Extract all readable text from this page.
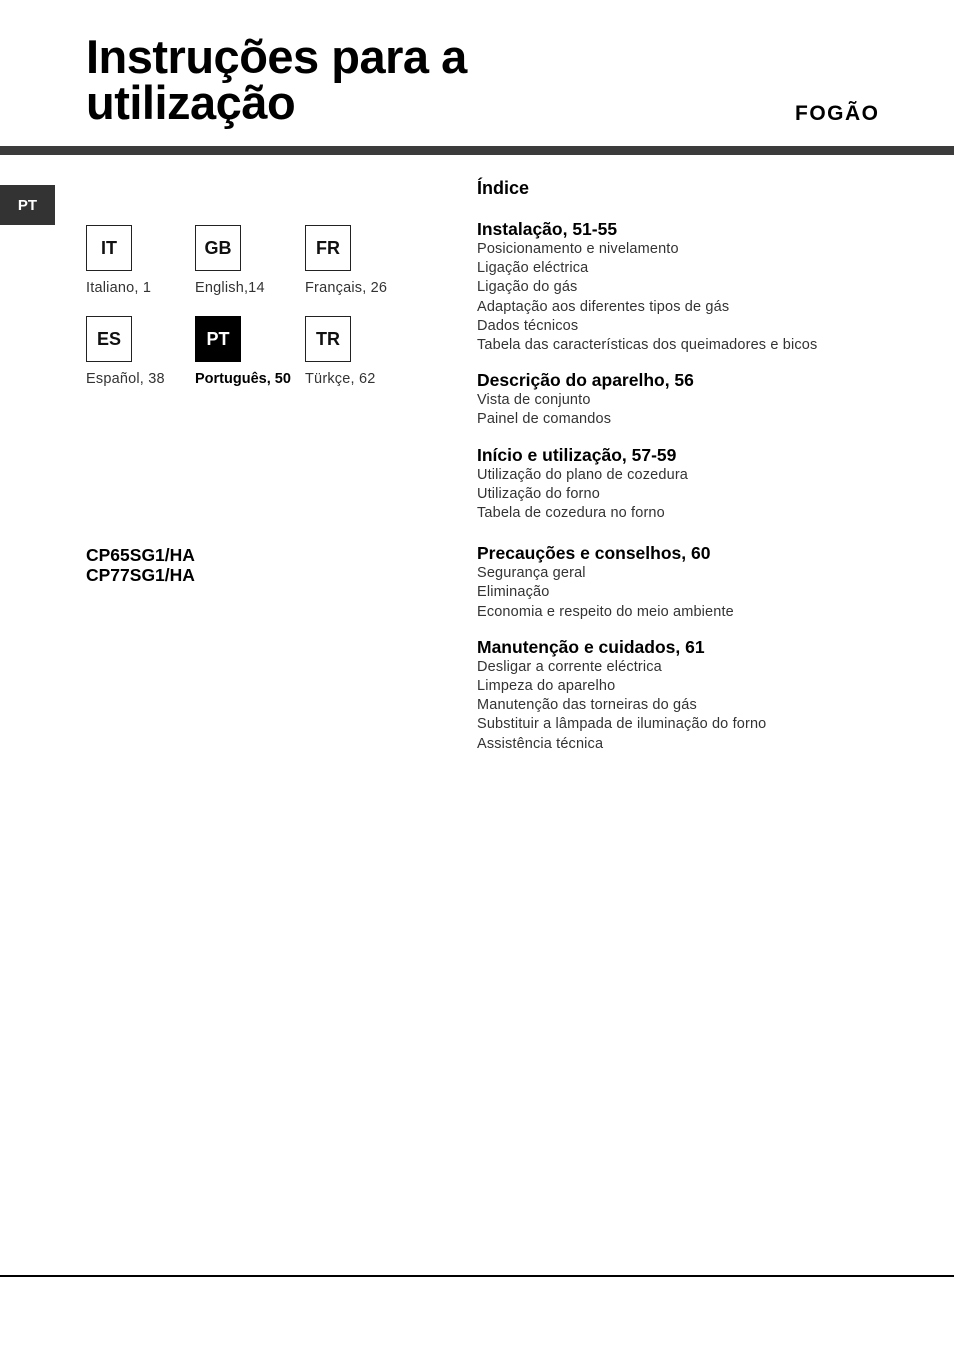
Instruções para a
utilização	FOGÃO
PT
IT
Italiano, 1
GB
English,14
FR
Français, 26
ES
Español, 38
PT
Português, 50
TR
Türkçe, 62
CP65SG1/HA
CP77SG1/HA
Índice
Instalação, 51-55
Posicionamento e nivelamento
Ligação eléctrica
Ligação do gás
Adaptação aos diferentes tipos de gás
Dados técnicos
Tabela das características dos queimadores e bicos
Descrição do aparelho, 56
Vista de conjunto
Painel de comandos
Início e utilização, 57-59
Utilização do plano de cozedura
Utilização do forno
Tabela de cozedura no forno
Precauções e conselhos, 60
Segurança geral
Eliminação
Economia e respeito do meio ambiente
Manutenção e cuidados, 61
Desligar a corrente eléctrica
Limpeza do aparelho
Manutenção das torneiras do gás
Substituir a lâmpada de iluminação do forno
Assistência técnica
